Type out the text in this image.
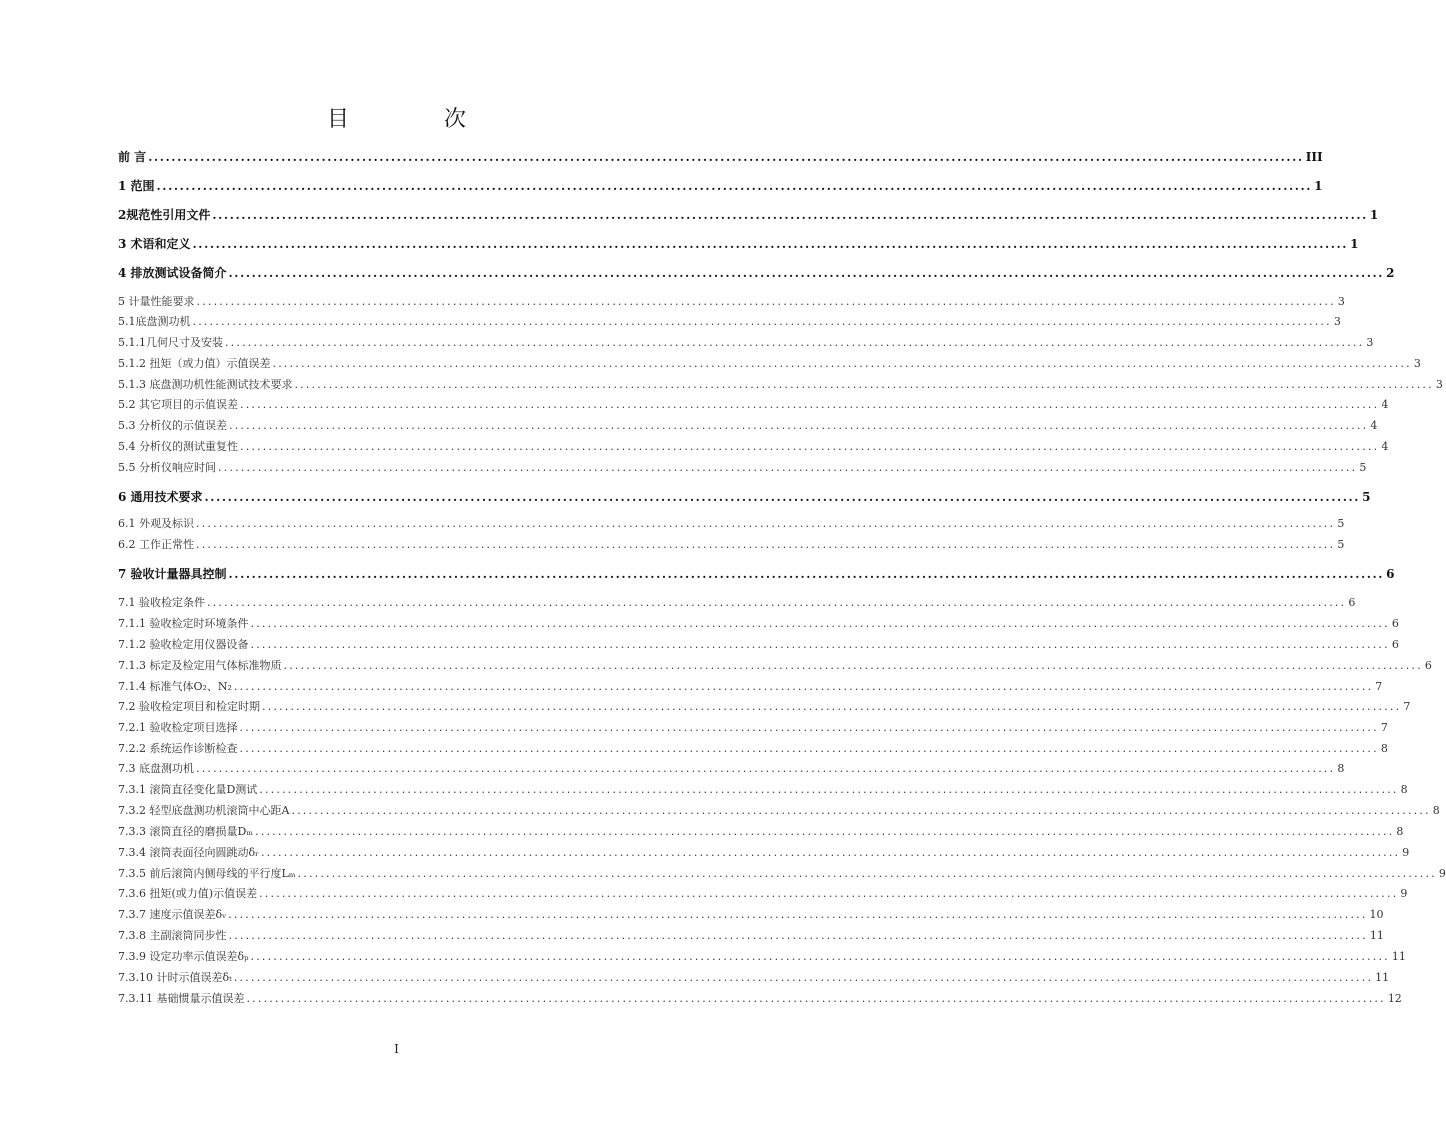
目 次
前 言 ........................................................................................................................................................................................................ III
1 范围 ........................................................................................................................................................................................................ 1
2规范性引用文件 ........................................................................................................................................................................................................ 1
3 术语和定义 ........................................................................................................................................................................................................ 1
4 排放测试设备简介 ........................................................................................................................................................................................................ 2
5 计量性能要求 ........................................................................................................................................................................................................ 3
5.1底盘测功机 ........................................................................................................................................................................................................ 3
5.1.1几何尺寸及安装 ........................................................................................................................................................................................................ 3
5.1.2 扭矩（或力值）示值误差 ........................................................................................................................................................................................................ 3
5.1.3 底盘测功机性能测试技术要求 ........................................................................................................................................................................................................ 3
5.2 其它项目的示值误差 ........................................................................................................................................................................................................ 4
5.3 分析仪的示值误差 ........................................................................................................................................................................................................ 4
5.4 分析仪的测试重复性 ........................................................................................................................................................................................................ 4
5.5 分析仪响应时间 ........................................................................................................................................................................................................ 5
6 通用技术要求 ........................................................................................................................................................................................................ 5
6.1 外观及标识 ........................................................................................................................................................................................................ 5
6.2 工作正常性 ........................................................................................................................................................................................................ 5
7 验收计量器具控制 ........................................................................................................................................................................................................ 6
7.1 验收检定条件 ........................................................................................................................................................................................................ 6
7.1.1 验收检定时环境条件 ........................................................................................................................................................................................................ 6
7.1.2 验收检定用仪器设备 ........................................................................................................................................................................................................ 6
7.1.3 标定及检定用气体标准物质 ........................................................................................................................................................................................................ 6
7.1.4 标准气体O₂、N₂ ........................................................................................................................................................................................................ 7
7.2 验收检定项目和检定时期 ........................................................................................................................................................................................................ 7
7.2.1 验收检定项目选择 ........................................................................................................................................................................................................ 7
7.2.2 系统运作诊断检查 ........................................................................................................................................................................................................ 8
7.3 底盘测功机 ........................................................................................................................................................................................................ 8
7.3.1 滚筒直径变化量D测试 ........................................................................................................................................................................................................ 8
7.3.2 轻型底盘测功机滚筒中心距A ........................................................................................................................................................................................................ 8
7.3.3 滚筒直径的磨损量Dₘ ........................................................................................................................................................................................................ 8
7.3.4 滚筒表面径向圆跳动δᵣ ........................................................................................................................................................................................................ 9
7.3.5 前后滚筒内侧母线的平行度Lₘ ........................................................................................................................................................................................................ 9
7.3.6 扭矩(或力值)示值误差 ........................................................................................................................................................................................................ 9
7.3.7 速度示值误差δᵥ ........................................................................................................................................................................................................ 10
7.3.8 主副滚筒同步性 ........................................................................................................................................................................................................ 11
7.3.9 设定功率示值误差δₚ ........................................................................................................................................................................................................ 11
7.3.10 计时示值误差δₜ ........................................................................................................................................................................................................ 11
7.3.11 基础惯量示值误差 ........................................................................................................................................................................................................ 12
I
